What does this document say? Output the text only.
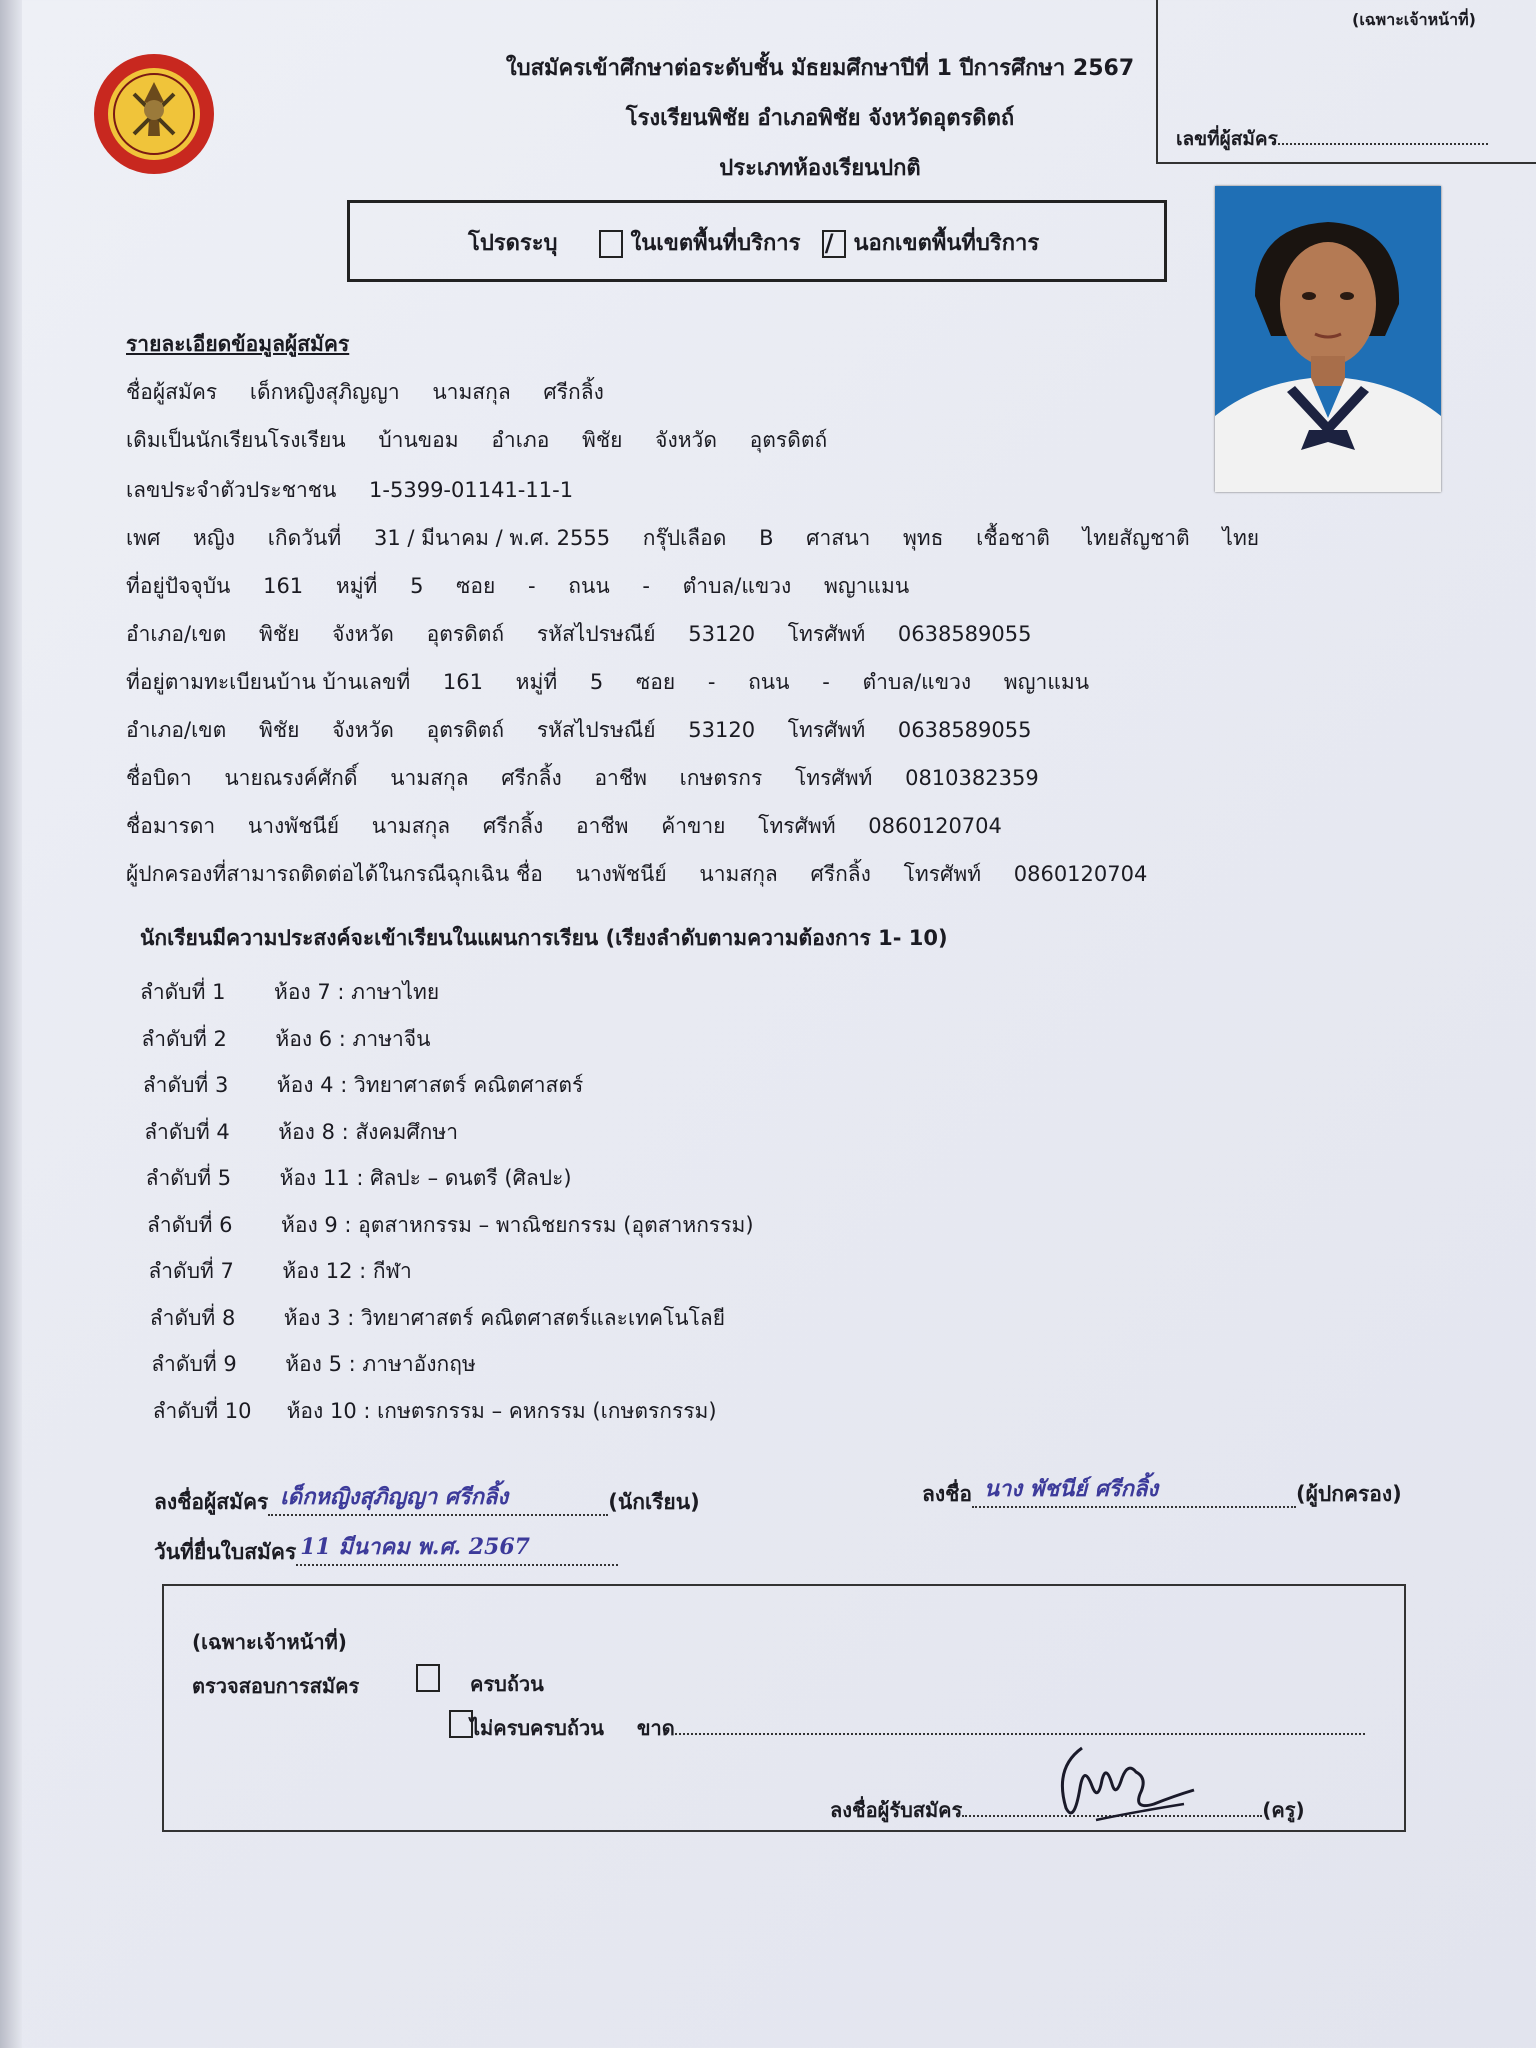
ใบสมัครเข้าศึกษาต่อระดับชั้น มัธยมศึกษาปีที่ 1 ปีการศึกษา 2567
โรงเรียนพิชัย อำเภอพิชัย จังหวัดอุตรดิตถ์
ประเภทห้องเรียนปกติ
(เฉพาะเจ้าหน้าที่)
เลขที่ผู้สมัคร
โปรดระบุ	ในเขตพื้นที่บริการ / นอกเขตพื้นที่บริการ
รายละเอียดข้อมูลผู้สมัคร
ชื่อผู้สมัคร เด็กหญิงสุภิญญา นามสกุล ศรีกลิ้ง
เดิมเป็นนักเรียนโรงเรียน บ้านขอม อำเภอ พิชัย จังหวัด อุตรดิตถ์
เลขประจำตัวประชาชน 1-5399-01141-11-1
เพศ หญิง เกิดวันที่ 31 / มีนาคม / พ.ศ. 2555 กรุ๊ปเลือด B ศาสนา พุทธ เชื้อชาติ ไทยสัญชาติ ไทย
ที่อยู่ปัจจุบัน 161 หมู่ที่ 5 ซอย - ถนน - ตำบล/แขวง พญาแมน
อำเภอ/เขต พิชัย จังหวัด อุตรดิตถ์ รหัสไปรษณีย์ 53120 โทรศัพท์ 0638589055
ที่อยู่ตามทะเบียนบ้าน บ้านเลขที่ 161 หมู่ที่ 5 ซอย - ถนน - ตำบล/แขวง พญาแมน
อำเภอ/เขต พิชัย จังหวัด อุตรดิตถ์ รหัสไปรษณีย์ 53120 โทรศัพท์ 0638589055
ชื่อบิดา นายณรงค์ศักดิ์ นามสกุล ศรีกลิ้ง อาชีพ เกษตรกร โทรศัพท์ 0810382359
ชื่อมารดา นางพัชนีย์ นามสกุล ศรีกลิ้ง อาชีพ ค้าขาย โทรศัพท์ 0860120704
ผู้ปกครองที่สามารถติดต่อได้ในกรณีฉุกเฉิน ชื่อ นางพัชนีย์ นามสกุล ศรีกลิ้ง โทรศัพท์ 0860120704
นักเรียนมีความประสงค์จะเข้าเรียนในแผนการเรียน (เรียงลำดับตามความต้องการ 1- 10)
ลำดับที่ 1 ห้อง 7 : ภาษาไทย
ลำดับที่ 2 ห้อง 6 : ภาษาจีน
ลำดับที่ 3 ห้อง 4 : วิทยาศาสตร์ คณิตศาสตร์
ลำดับที่ 4 ห้อง 8 : สังคมศึกษา
ลำดับที่ 5 ห้อง 11 : ศิลปะ – ดนตรี (ศิลปะ)
ลำดับที่ 6 ห้อง 9 : อุตสาหกรรม – พาณิชยกรรม (อุตสาหกรรม)
ลำดับที่ 7 ห้อง 12 : กีฬา
ลำดับที่ 8 ห้อง 3 : วิทยาศาสตร์ คณิตศาสตร์และเทคโนโลยี
ลำดับที่ 9 ห้อง 5 : ภาษาอังกฤษ
ลำดับที่ 10 ห้อง 10 : เกษตรกรรม – คหกรรม (เกษตรกรรม)
ลงชื่อผู้สมัคร เด็กหญิงสุภิญญา ศรีกลิ้ง	(นักเรียน)
วันที่ยื่นใบสมัคร 11 มีนาคม พ.ศ. 2567

ลงชื่อ นาง พัชนีย์ ศรีกลิ้ง	(ผู้ปกครอง)
(เฉพาะเจ้าหน้าที่)
ตรวจสอบการสมัคร
	ครบถ้วน
ไม่ครบครบถ้วน ขาด
ลงชื่อผู้รับสมัคร	(ครู)
